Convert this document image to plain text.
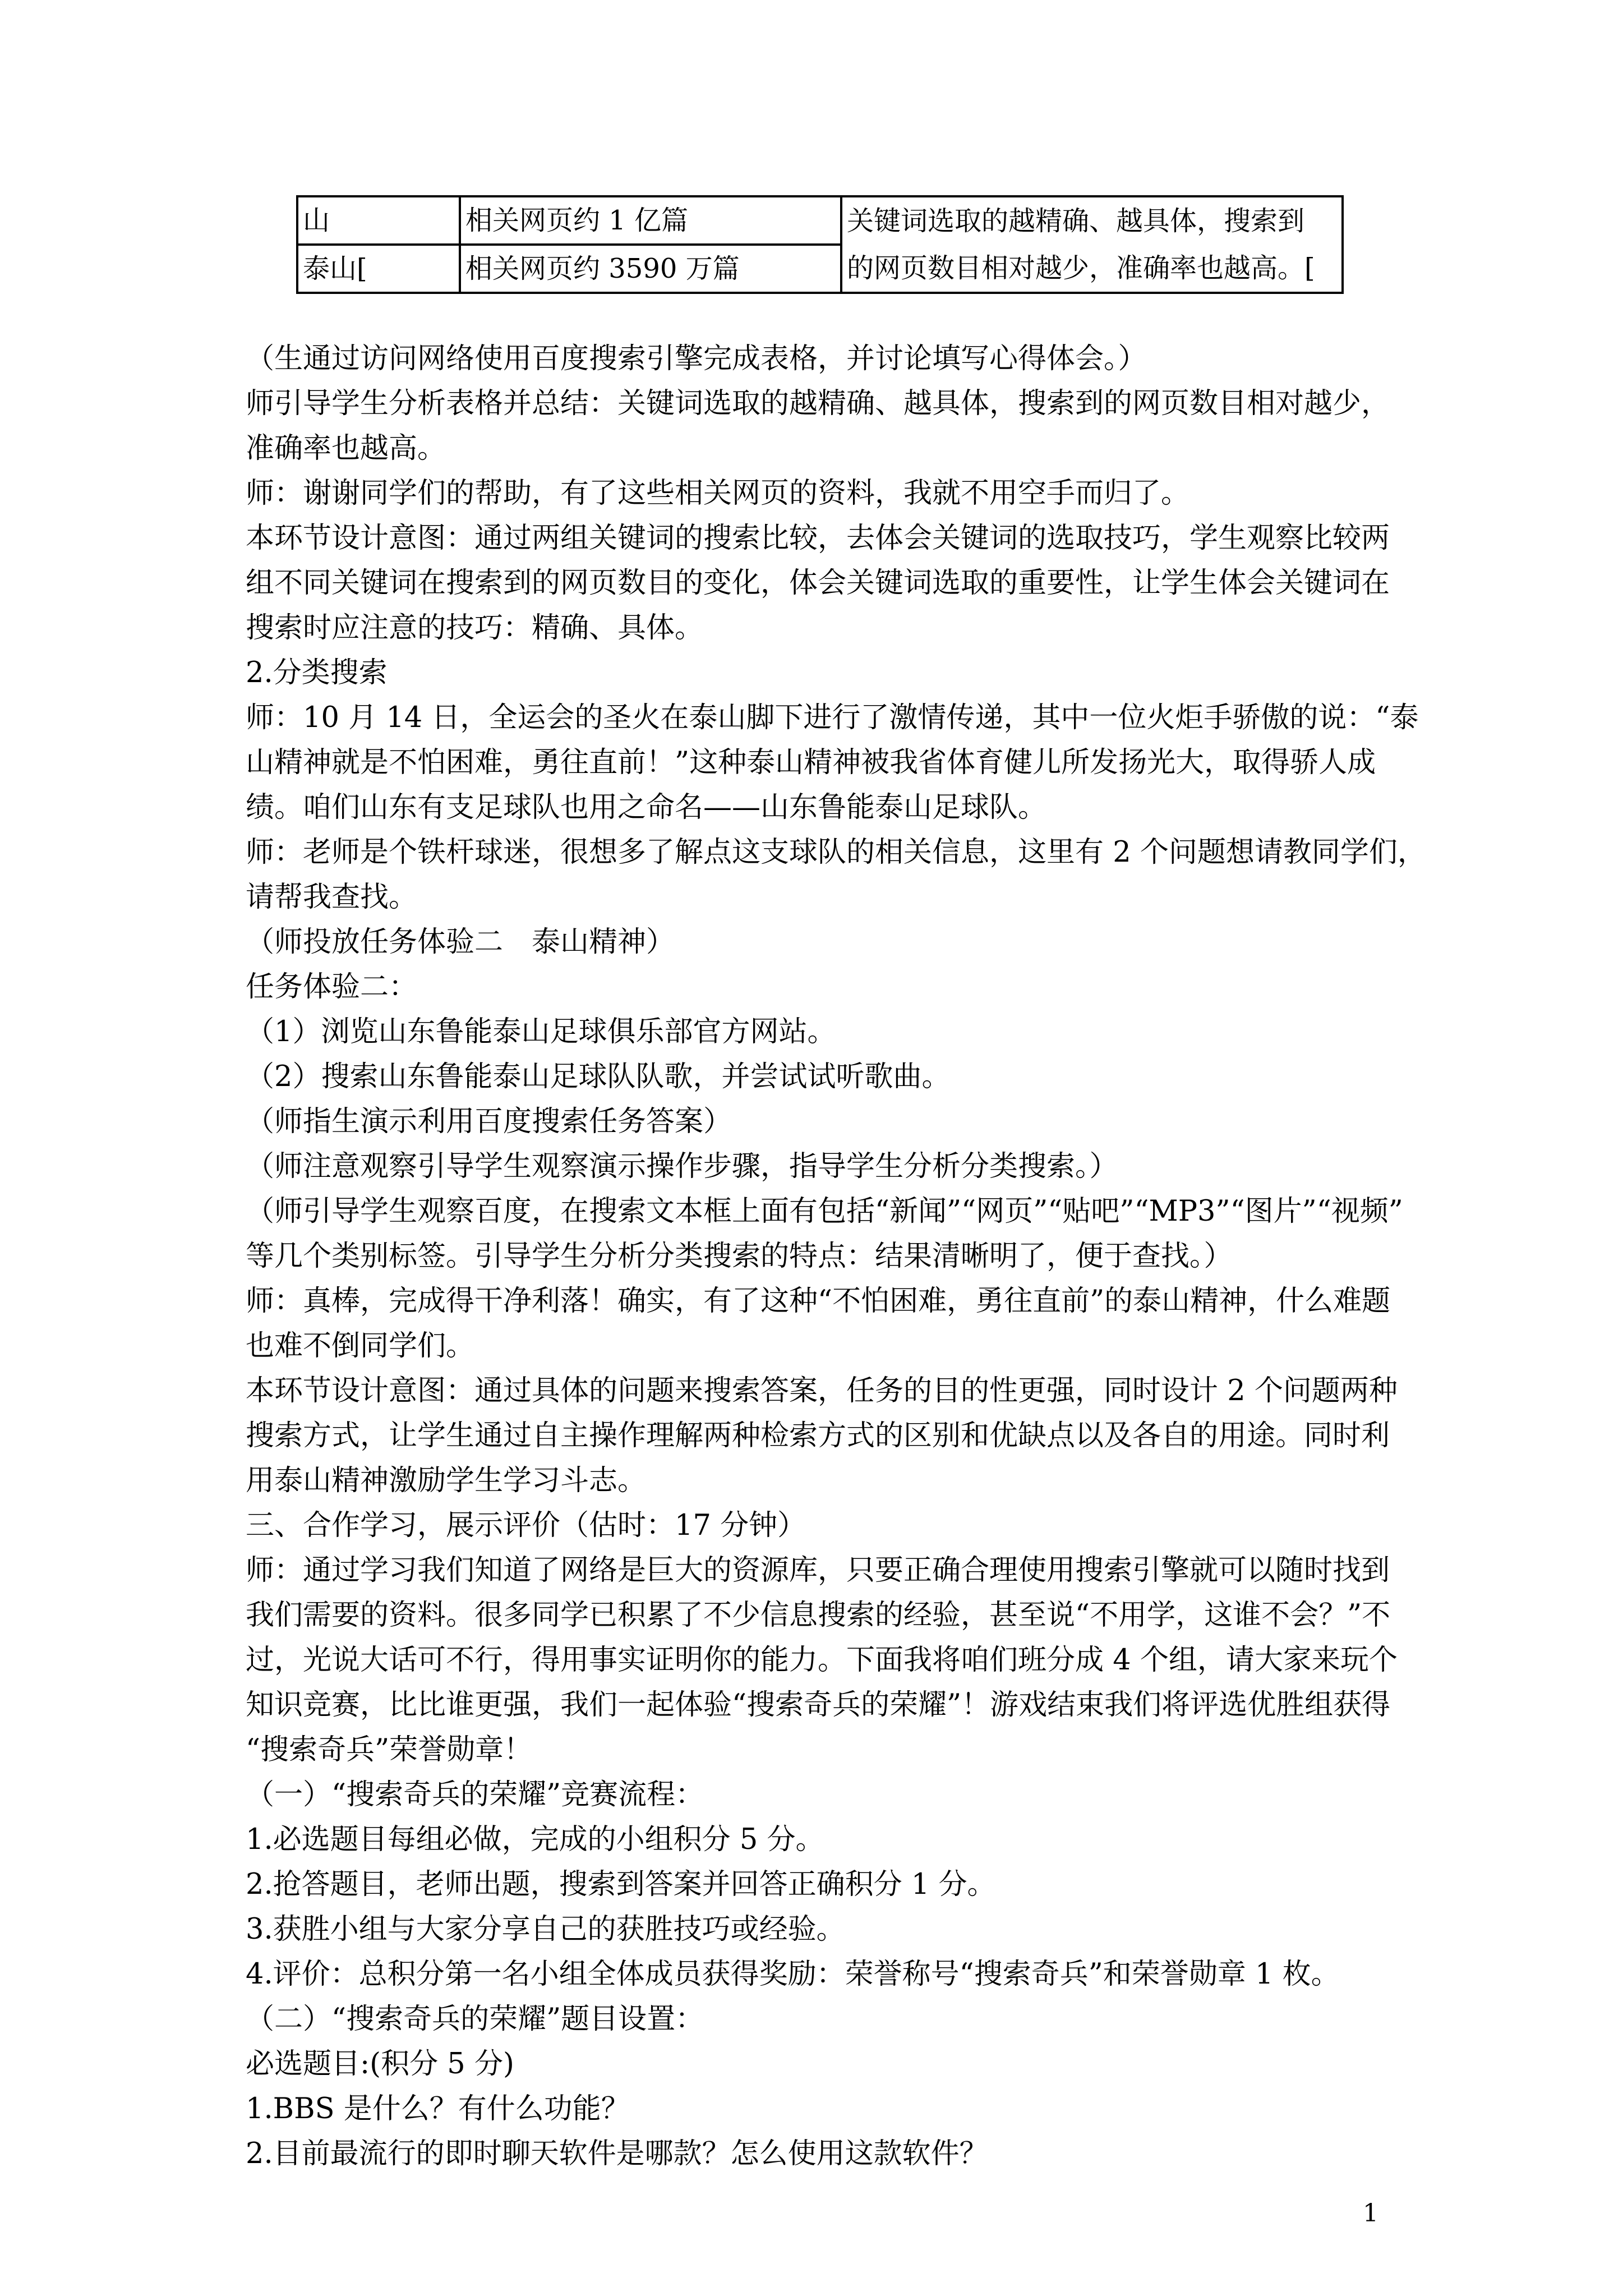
山	相关网页约 1 亿篇	关键词选取的越精确、越具体，搜索到
的网页数目相对越少，准确率也越高。[

泰山[	相关网页约 3590 万篇	
（生通过访问网络使用百度搜索引擎完成表格，并讨论填写心得体会。）
师引导学生分析表格并总结：关键词选取的越精确、越具体，搜索到的网页数目相对越少，
准确率也越高。
师：谢谢同学们的帮助，有了这些相关网页的资料，我就不用空手而归了。
本环节设计意图：通过两组关键词的搜索比较，去体会关键词的选取技巧，学生观察比较两
组不同关键词在搜索到的网页数目的变化，体会关键词选取的重要性，让学生体会关键词在
搜索时应注意的技巧：精确、具体。
2.分类搜索
师：10 月 14 日，全运会的圣火在泰山脚下进行了激情传递，其中一位火炬手骄傲的说：“泰
山精神就是不怕困难，勇往直前！”这种泰山精神被我省体育健儿所发扬光大，取得骄人成
绩。咱们山东有支足球队也用之命名——山东鲁能泰山足球队。
师：老师是个铁杆球迷，很想多了解点这支球队的相关信息，这里有 2 个问题想请教同学们，
请帮我查找。
（师投放任务体验二　泰山精神）
任务体验二：
（1）浏览山东鲁能泰山足球俱乐部官方网站。
（2）搜索山东鲁能泰山足球队队歌，并尝试试听歌曲。
（师指生演示利用百度搜索任务答案）
（师注意观察引导学生观察演示操作步骤，指导学生分析分类搜索。）
（师引导学生观察百度，在搜索文本框上面有包括“新闻”“网页”“贴吧”“MP3”“图片”“视频”
等几个类别标签。引导学生分析分类搜索的特点：结果清晰明了，便于查找。）
师：真棒，完成得干净利落！确实，有了这种“不怕困难，勇往直前”的泰山精神，什么难题
也难不倒同学们。
本环节设计意图：通过具体的问题来搜索答案，任务的目的性更强，同时设计 2 个问题两种
搜索方式，让学生通过自主操作理解两种检索方式的区别和优缺点以及各自的用途。同时利
用泰山精神激励学生学习斗志。
三、合作学习，展示评价（估时：17 分钟）
师：通过学习我们知道了网络是巨大的资源库，只要正确合理使用搜索引擎就可以随时找到
我们需要的资料。很多同学已积累了不少信息搜索的经验，甚至说“不用学，这谁不会？”不
过，光说大话可不行，得用事实证明你的能力。下面我将咱们班分成 4 个组，请大家来玩个
知识竞赛，比比谁更强，我们一起体验“搜索奇兵的荣耀”！游戏结束我们将评选优胜组获得
“搜索奇兵”荣誉勋章！
（一）“搜索奇兵的荣耀”竞赛流程：
1.必选题目每组必做，完成的小组积分 5 分。
2.抢答题目，老师出题，搜索到答案并回答正确积分 1 分。
3.获胜小组与大家分享自己的获胜技巧或经验。
4.评价：总积分第一名小组全体成员获得奖励：荣誉称号“搜索奇兵”和荣誉勋章 1 枚。
（二）“搜索奇兵的荣耀”题目设置：
必选题目:(积分 5 分)
1.BBS 是什么？有什么功能？
2.目前最流行的即时聊天软件是哪款？怎么使用这款软件？
1
